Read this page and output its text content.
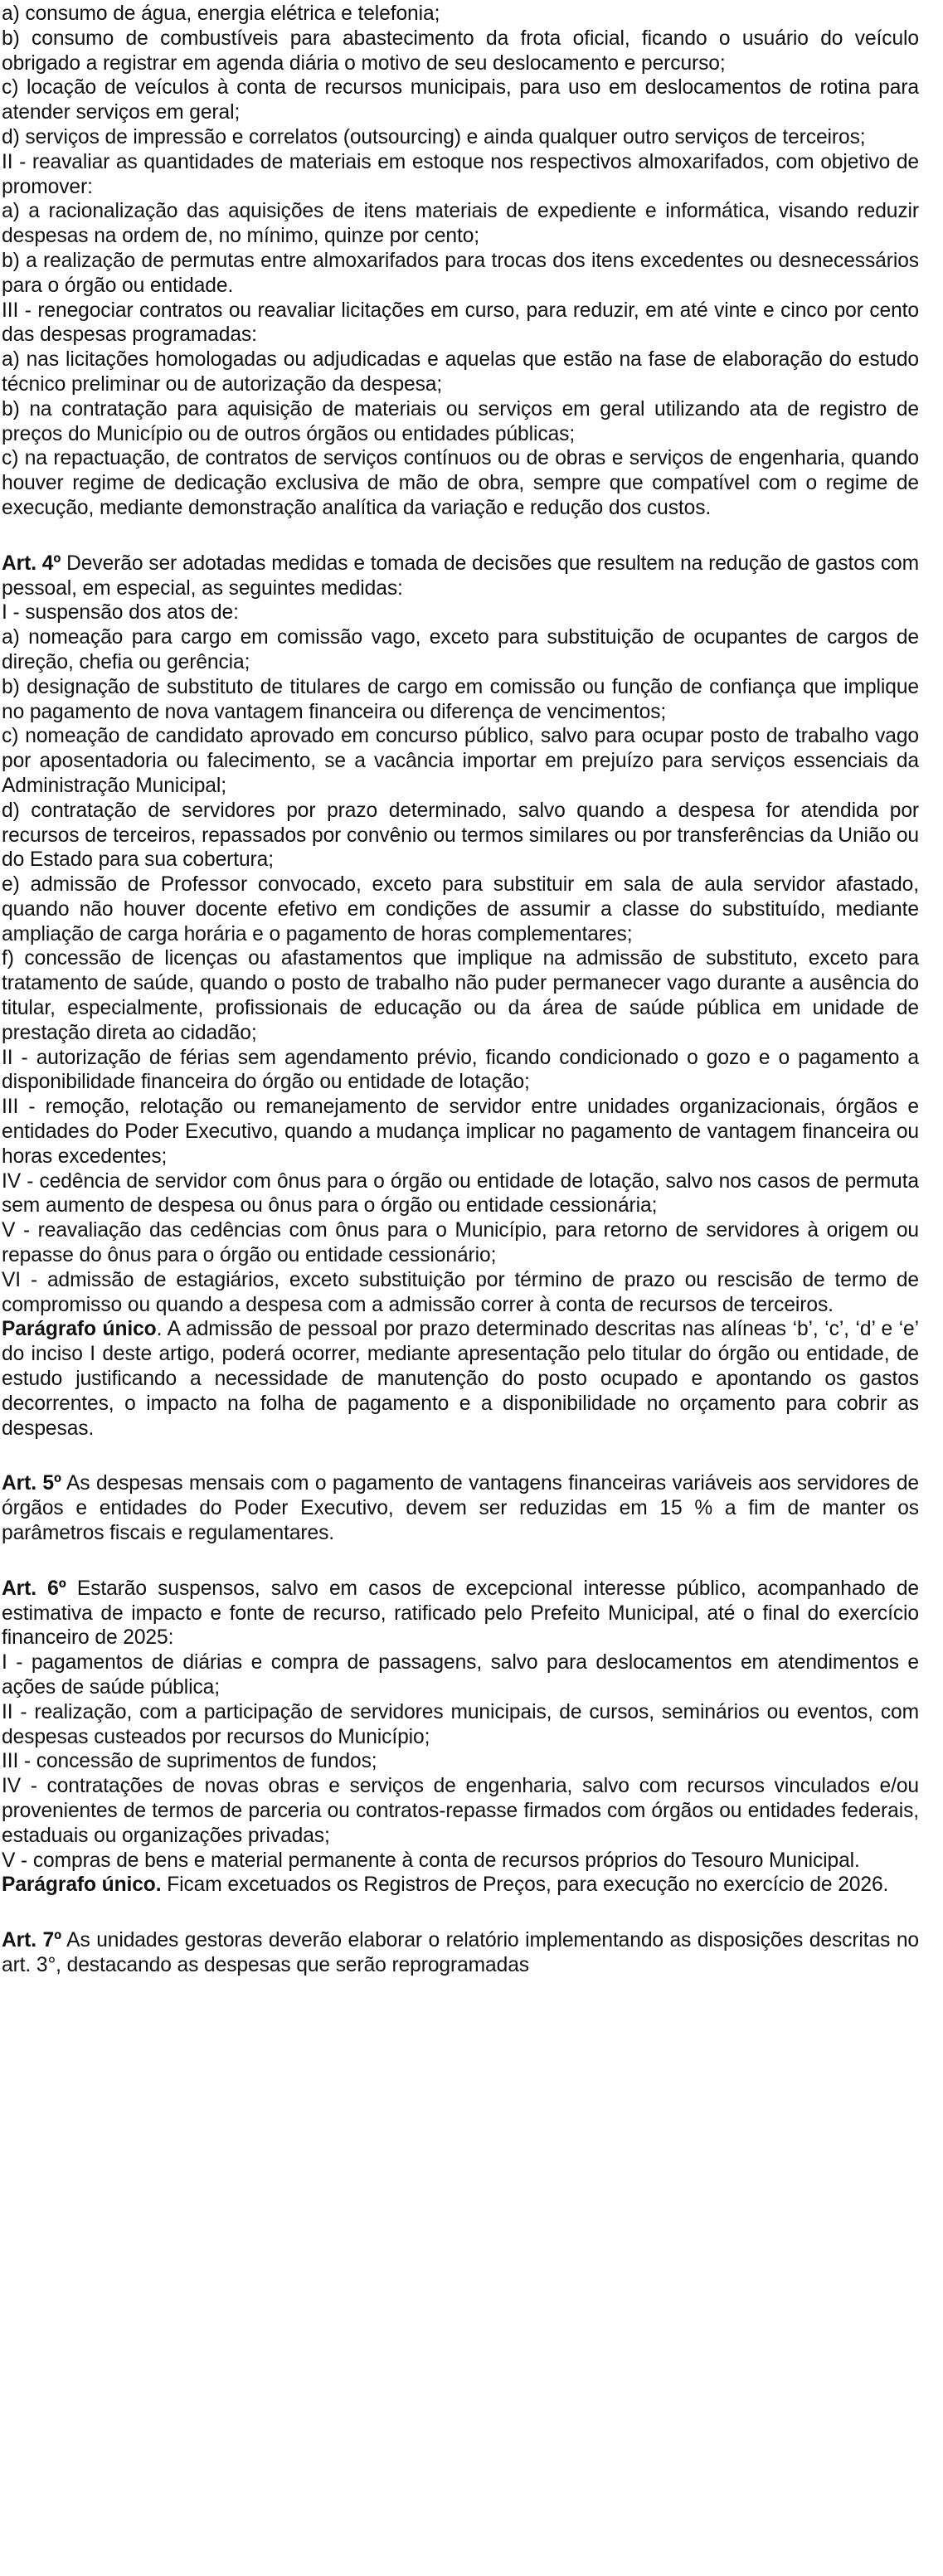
a) consumo de água, energia elétrica e telefonia;

b) consumo de combustíveis para abastecimento da frota oficial, ficando o usuário do veículo obrigado a registrar em agenda diária o motivo de seu deslocamento e percurso;

c) locação de veículos à conta de recursos municipais, para uso em deslocamentos de rotina para atender serviços em geral;

d) serviços de impressão e correlatos (outsourcing) e ainda qualquer outro serviços de terceiros;

II - reavaliar as quantidades de materiais em estoque nos respectivos almoxarifados, com objetivo de promover:

a) a racionalização das aquisições de itens materiais de expediente e informática, visando reduzir despesas na ordem de, no mínimo, quinze por cento;

b) a realização de permutas entre almoxarifados para trocas dos itens excedentes ou desnecessários para o órgão ou entidade.

III - renegociar contratos ou reavaliar licitações em curso, para reduzir, em até vinte e cinco por cento das despesas programadas:

a) nas licitações homologadas ou adjudicadas e aquelas que estão na fase de elaboração do estudo técnico preliminar ou de autorização da despesa;

b) na contratação para aquisição de materiais ou serviços em geral utilizando ata de registro de preços do Município ou de outros órgãos ou entidades públicas;

c) na repactuação, de contratos de serviços contínuos ou de obras e serviços de engenharia, quando houver regime de dedicação exclusiva de mão de obra, sempre que compatível com o regime de execução, mediante demonstração analítica da variação e redução dos custos.

Art. 4º Deverão ser adotadas medidas e tomada de decisões que resultem na redução de gastos com pessoal, em especial, as seguintes medidas:

I - suspensão dos atos de:

a) nomeação para cargo em comissão vago, exceto para substituição de ocupantes de cargos de direção, chefia ou gerência;

b) designação de substituto de titulares de cargo em comissão ou função de confiança que implique no pagamento de nova vantagem financeira ou diferença de vencimentos;

c) nomeação de candidato aprovado em concurso público, salvo para ocupar posto de trabalho vago por aposentadoria ou falecimento, se a vacância importar em prejuízo para serviços essenciais da Administração Municipal;

d) contratação de servidores por prazo determinado, salvo quando a despesa for atendida por recursos de terceiros, repassados por convênio ou termos similares ou por transferências da União ou do Estado para sua cobertura;

e) admissão de Professor convocado, exceto para substituir em sala de aula servidor afastado, quando não houver docente efetivo em condições de assumir a classe do substituído, mediante ampliação de carga horária e o pagamento de horas complementares;

f) concessão de licenças ou afastamentos que implique na admissão de substituto, exceto para tratamento de saúde, quando o posto de trabalho não puder permanecer vago durante a ausência do titular, especialmente, profissionais de educação ou da área de saúde pública em unidade de prestação direta ao cidadão;

II - autorização de férias sem agendamento prévio, ficando condicionado o gozo e o pagamento a disponibilidade financeira do órgão ou entidade de lotação;

III - remoção, relotação ou remanejamento de servidor entre unidades organizacionais, órgãos e entidades do Poder Executivo, quando a mudança implicar no pagamento de vantagem financeira ou horas excedentes;

IV - cedência de servidor com ônus para o órgão ou entidade de lotação, salvo nos casos de permuta sem aumento de despesa ou ônus para o órgão ou entidade cessionária;

V - reavaliação das cedências com ônus para o Município, para retorno de servidores à origem ou repasse do ônus para o órgão ou entidade cessionário;

VI - admissão de estagiários, exceto substituição por término de prazo ou rescisão de termo de compromisso ou quando a despesa com a admissão correr à conta de recursos de terceiros.

Parágrafo único. A admissão de pessoal por prazo determinado descritas nas alíneas ‘b’, ‘c’, ‘d’ e ‘e’ do inciso I deste artigo, poderá ocorrer, mediante apresentação pelo titular do órgão ou entidade, de estudo justificando a necessidade de manutenção do posto ocupado e apontando os gastos decorrentes, o impacto na folha de pagamento e a disponibilidade no orçamento para cobrir as despesas.

Art. 5º As despesas mensais com o pagamento de vantagens financeiras variáveis aos servidores de órgãos e entidades do Poder Executivo, devem ser reduzidas em 15 % a fim de manter os parâmetros fiscais e regulamentares.

Art. 6º Estarão suspensos, salvo em casos de excepcional interesse público, acompanhado de estimativa de impacto e fonte de recurso, ratificado pelo Prefeito Municipal, até o final do exercício financeiro de 2025:

I - pagamentos de diárias e compra de passagens, salvo para deslocamentos em atendimentos e ações de saúde pública;

II - realização, com a participação de servidores municipais, de cursos, seminários ou eventos, com despesas custeados por recursos do Município;

III - concessão de suprimentos de fundos;

IV - contratações de novas obras e serviços de engenharia, salvo com recursos vinculados e/ou provenientes de termos de parceria ou contratos-repasse firmados com órgãos ou entidades federais, estaduais ou organizações privadas;

V - compras de bens e material permanente à conta de recursos próprios do Tesouro Municipal.

Parágrafo único. Ficam excetuados os Registros de Preços, para execução no exercício de 2026.

Art. 7º As unidades gestoras deverão elaborar o relatório implementando as disposições descritas no art. 3°, destacando as despesas que serão reprogramadas
